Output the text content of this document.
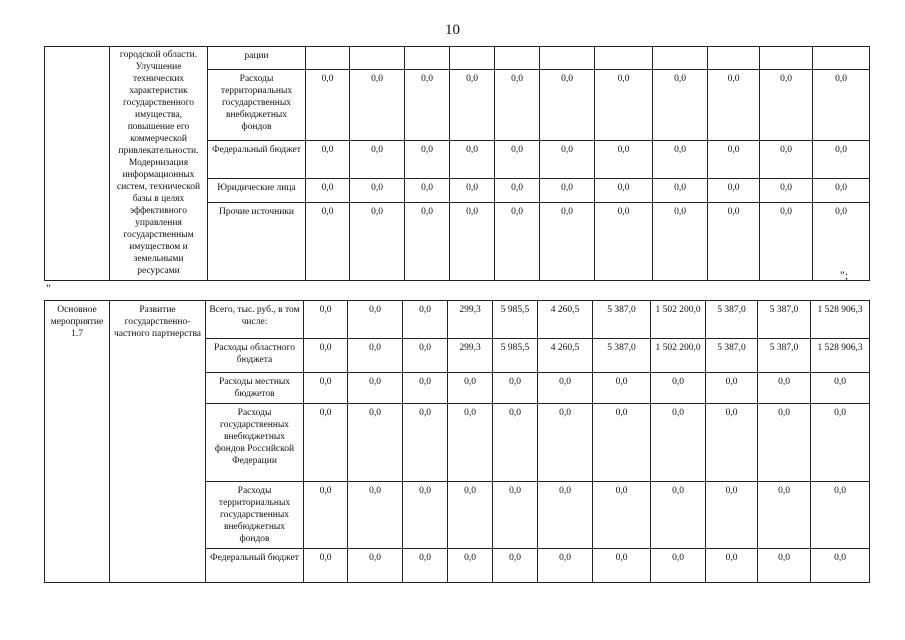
10
	городской области. Улучшение технических характеристик государственного имущества, повышение его коммерческой привлекательности. Модернизация информационных систем, технической базы в целях эффективного управления государственным имуществом и земельными ресурсами	рации											
		Расходы территориальных государственных внебюджетных фондов	0,0	0,0	0,0	0,0	0,0	0,0	0,0	0,0	0,0	0,0	0,0
		Федеральный бюджет	0,0	0,0	0,0	0,0	0,0	0,0	0,0	0,0	0,0	0,0	0,0
		Юридические лица	0,0	0,0	0,0	0,0	0,0	0,0	0,0	0,0	0,0	0,0	0,0
		Прочие источники	0,0	0,0	0,0	0,0	0,0	0,0	0,0	0,0	0,0	0,0	0,0
";
"
Основное мероприятие 1.7	Развитие государственно-частного партнерства	Всего, тыс. руб., в том числе:	0,0	0,0	0,0	299,3	5 985,5	4 260,5	5 387,0	1 502 200,0	5 387,0	5 387,0	1 528 906,3
		Расходы областного бюджета	0,0	0,0	0,0	299,3	5 985,5	4 260,5	5 387,0	1 502 200,0	5 387,0	5 387,0	1 528 906,3
		Расходы местных бюджетов	0,0	0,0	0,0	0,0	0,0	0,0	0,0	0,0	0,0	0,0	0,0
		Расходы государственных внебюджетных фондов Российской Федерации	0,0	0,0	0,0	0,0	0,0	0,0	0,0	0,0	0,0	0,0	0,0
		Расходы территориальных государственных внебюджетных фондов	0,0	0,0	0,0	0,0	0,0	0,0	0,0	0,0	0,0	0,0	0,0
		Федеральный бюджет	0,0	0,0	0,0	0,0	0,0	0,0	0,0	0,0	0,0	0,0	0,0
